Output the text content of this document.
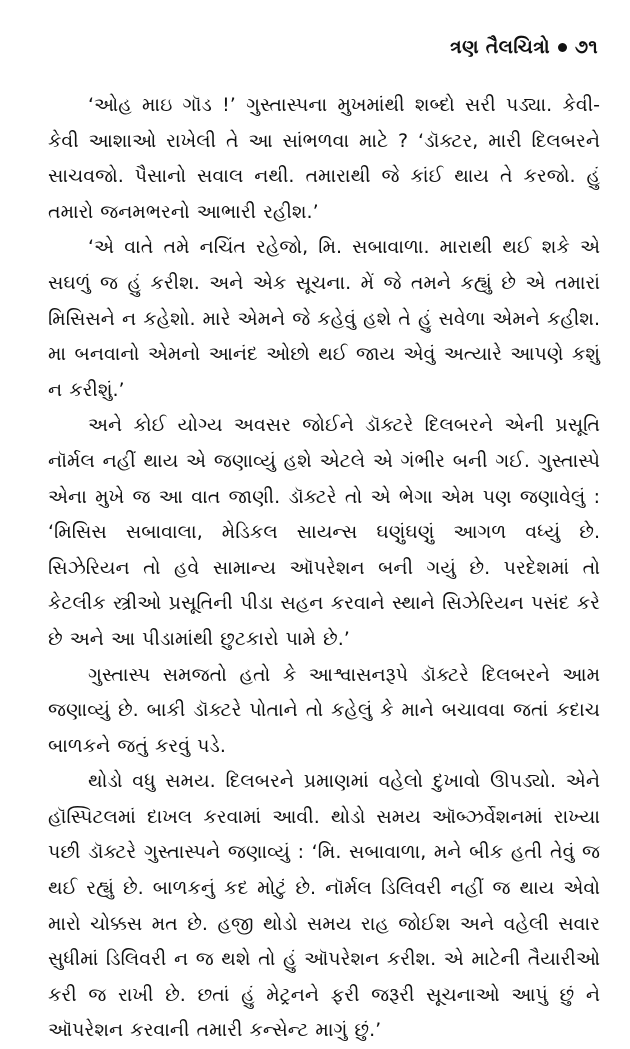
ત્રણ તૈલચિત્રો ૭૧

‘ઓહ માઇ ગૉડ !’ ગુસ્તાસ્પના મુખમાંથી શબ્દો સરી પડ્યા. કેવી-કેવી આશાઓ રાખેલી તે આ સાંભળવા માટે ? ‘ડૉક્ટર, મારી દિલબરને સાચવજો. પૈસાનો સવાલ નથી. તમારાથી જે કાંઈ થાય તે કરજો. હું તમારો જનમભરનો આભારી રહીશ.’

‘એ વાતે તમે નચિંત રહેજો, મિ. સબાવાળા. મારાથી થઈ શકે એ સઘળું જ હું કરીશ. અને એક સૂચના. મેં જે તમને કહ્યું છે એ તમારાં મિસિસને ન કહેશો. મારે એમને જે કહેવું હશે તે હું સવેળા એમને કહીશ. મા બનવાનો એમનો આનંદ ઓછો થઈ જાય એવું અત્યારે આપણે કશું ન કરીશું.’

અને કોઈ યોગ્ય અવસર જોઈને ડૉક્ટરે દિલબરને એની પ્રસૂતિ નૉર્મલ નહીં થાય એ જણાવ્યું હશે એટલે એ ગંભીર બની ગઈ. ગુસ્તાસ્પે એના મુખે જ આ વાત જાણી. ડૉક્ટરે તો એ ભેગા એમ પણ જણાવેલું : ‘મિસિસ સબાવાલા, મેડિકલ સાયન્સ ઘણુંઘણું આગળ વધ્યું છે. સિઝેરિયન તો હવે સામાન્ય ઑપરેશન બની ગયું છે. પરદેશમાં તો કેટલીક સ્ત્રીઓ પ્રસૂતિની પીડા સહન કરવાને સ્થાને સિઝેરિયન પસંદ કરે છે અને આ પીડામાંથી છુટકારો પામે છે.’

ગુસ્તાસ્પ સમજતો હતો કે આશ્વાસનરૂપે ડૉક્ટરે દિલબરને આમ જણાવ્યું છે. બાકી ડૉક્ટરે પોતાને તો કહેલું કે માને બચાવવા જતાં કદાચ બાળકને જતું કરવું પડે.

થોડો વધુ સમય. દિલબરને પ્રમાણમાં વહેલો દુખાવો ઊપડ્યો. એને હૉસ્પિટલમાં દાખલ કરવામાં આવી. થોડો સમય ઑબ્ઝર્વેશનમાં રાખ્યા પછી ડૉક્ટરે ગુસ્તાસ્પને જણાવ્યું : ‘મિ. સબાવાળા, મને બીક હતી તેવું જ થઈ રહ્યું છે. બાળકનું કદ મોટું છે. નૉર્મલ ડિલિવરી નહીં જ થાય એવો મારો ચોક્કસ મત છે. હજી થોડો સમય રાહ જોઈશ અને વહેલી સવાર સુધીમાં ડિલિવરી ન જ થશે તો હું ઑપરેશન કરીશ. એ માટેની તૈયારીઓ કરી જ રાખી છે. છતાં હું મેટ્રનને ફરી જરૂરી સૂચનાઓ આપું છું ને ઑપરેશન કરવાની તમારી કન્સેન્ટ માગું છું.’
